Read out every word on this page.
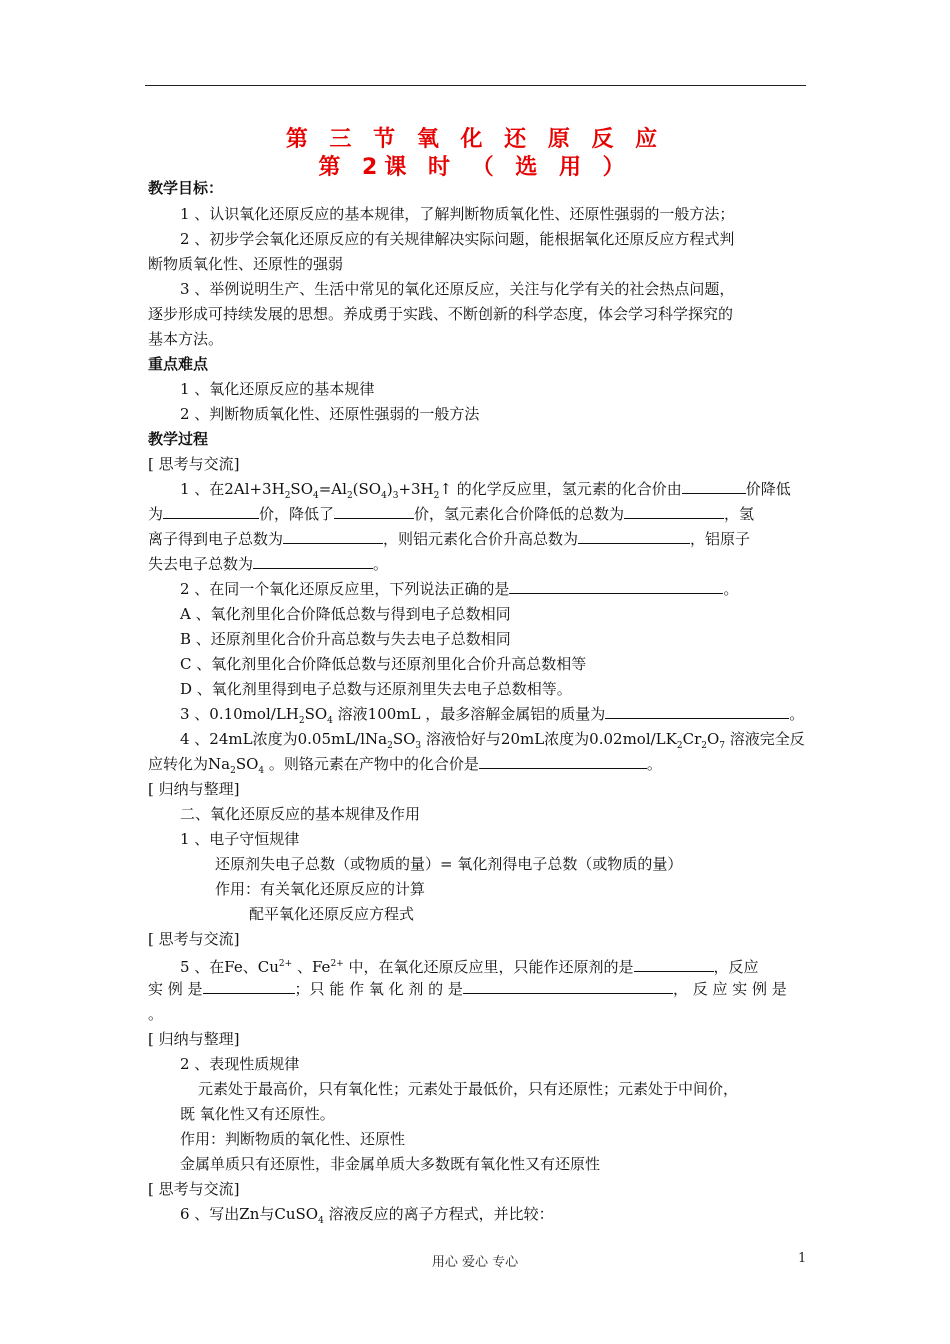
第 三 节 氧 化 还 原 反 应
第 2课 时 （ 选 用 ）
教学目标：
1 、认识氧化还原反应的基本规律，了解判断物质氧化性、还原性强弱的一般方法；
2 、初步学会氧化还原反应的有关规律解决实际问题，能根据氧化还原反应方程式判
断物质氧化性、还原性的强弱
3 、举例说明生产、生活中常见的氧化还原反应，关注与化学有关的社会热点问题，
逐步形成可持续发展的思想。养成勇于实践、不断创新的科学态度，体会学习科学探究的
基本方法。
重点难点
1 、氧化还原反应的基本规律
2 、判断物质氧化性、还原性强弱的一般方法
教学过程
[ 思考与交流]
1 、在$2Al+3H_2SO_4=Al_2(SO_4)_3+3H_2↑$ 的化学反应里，氢元素的化合价由	价降低
为	价，降低了	价，氢元素化合价降低的总数为	，氢
离子得到电子总数为	，则铝元素化合价升高总数为	，铝原子
失去电子总数为	。
2 、在同一个氧化还原反应里，下列说法正确的是	。
A 、氧化剂里化合价降低总数与得到电子总数相同
B 、还原剂里化合价升高总数与失去电子总数相同
C 、氧化剂里化合价降低总数与还原剂里化合价升高总数相等
D 、氧化剂里得到电子总数与还原剂里失去电子总数相等。
3 、$0.10mol/LH_2SO_4$ 溶液100mL ，最多溶解金属铝的质量为	。
4 、24mL浓度为$0.05mL/lNa_2SO_3$ 溶液恰好与20mL浓度为$0.02mol/LK_2Cr_2O_7$ 溶液完全反
应转化为$Na_2SO_4$ 。则铬元素在产物中的化合价是	。
[ 归纳与整理]
二、氧化还原反应的基本规律及作用
1 、电子守恒规律
还原剂失电子总数（或物质的量）= 氧化剂得电子总数（或物质的量）
作用：有关氧化还原反应的计算
配平氧化还原反应方程式
[ 思考与交流]
5 、在Fe、$Cu^{2+}$ 、$Fe^{2+}$ 中，在氧化还原反应里，只能作还原剂的是	，反应
实 例 是	；只 能 作 氧 化 剂 的 是	， 反 应 实 例 是
。
[ 归纳与整理]
2 、表现性质规律
元素处于最高价，只有氧化性；元素处于最低价，只有还原性；元素处于中间价，
既 氧化性又有还原性。
作用：判断物质的氧化性、还原性
金属单质只有还原性，非金属单质大多数既有氧化性又有还原性
[ 思考与交流]
6 、写出Zn与CuSO$_4$ 溶液反应的离子方程式，并比较：
用心 爱心 专心	1
